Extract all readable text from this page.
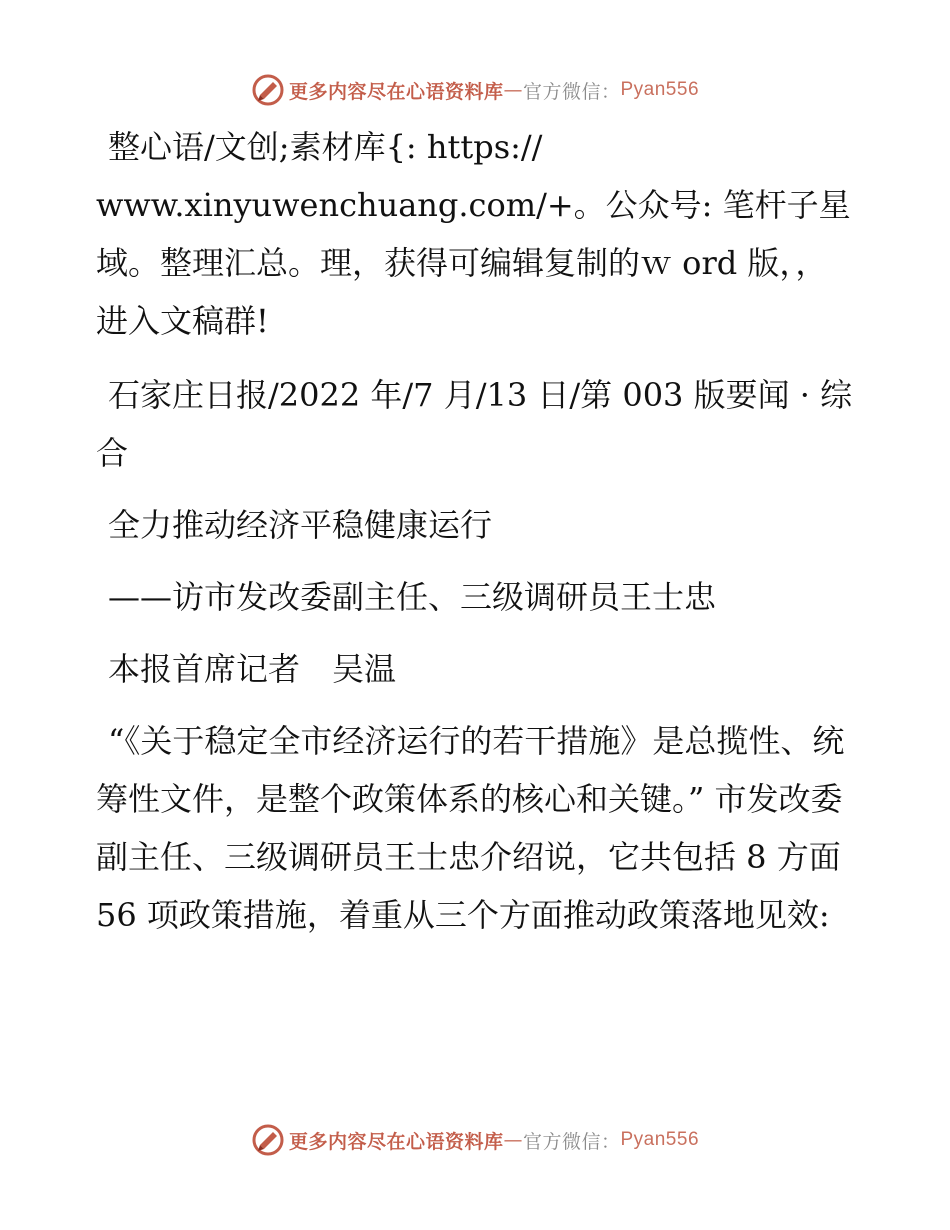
更多内容尽在心语资料库 — 官方微信： Pyan556

整心语/文创;素材库{: https:// www.xinyuwenchuang.com/+。公众号: 笔杆子星域。整理汇总。理，获得可编辑复制的ｗ ord 版，，进入文稿群!

石家庄日报/2022 年/7 月/13 日/第 003 版要闻 · 综合

全力推动经济平稳健康运行

——访市发改委副主任、三级调研员王士忠

本报首席记者　吴温

“《关于稳定全市经济运行的若干措施》是总揽性、统筹性文件，是整个政策体系的核心和关键。” 市发改委副主任、三级调研员王士忠介绍说，它共包括 8 方面 56 项政策措施，着重从三个方面推动政策落地见效:

更多内容尽在心语资料库 — 官方微信： Pyan556
